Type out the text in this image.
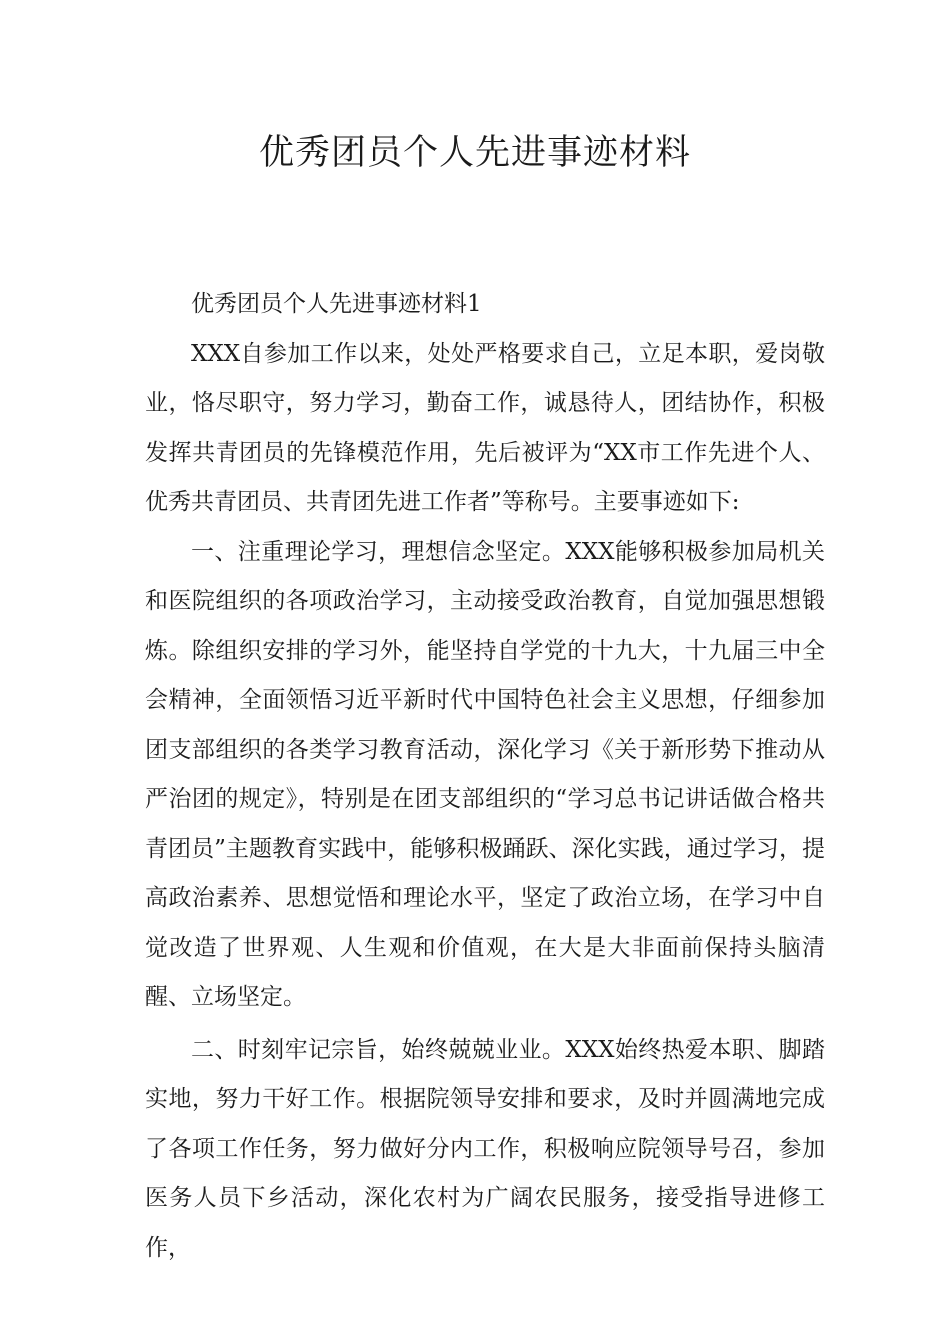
优秀团员个人先进事迹材料

优秀团员个人先进事迹材料1

XXX自参加工作以来，处处严格要求自己，立足本职，爱岗敬业，恪尽职守，努力学习，勤奋工作，诚恳待人，团结协作，积极发挥共青团员的先锋模范作用，先后被评为“XX市工作先进个人、优秀共青团员、共青团先进工作者”等称号。主要事迹如下:

一、注重理论学习，理想信念坚定。XXX能够积极参加局机关和医院组织的各项政治学习，主动接受政治教育，自觉加强思想锻炼。除组织安排的学习外，能坚持自学党的十九大，十九届三中全会精神，全面领悟习近平新时代中国特色社会主义思想，仔细参加团支部组织的各类学习教育活动，深化学习《关于新形势下推动从严治团的规定》，特别是在团支部组织的“学习总书记讲话做合格共青团员”主题教育实践中，能够积极踊跃、深化实践，通过学习，提高政治素养、思想觉悟和理论水平，坚定了政治立场，在学习中自觉改造了世界观、人生观和价值观，在大是大非面前保持头脑清醒、立场坚定。

二、时刻牢记宗旨，始终兢兢业业。XXX始终热爱本职、脚踏实地，努力干好工作。根据院领导安排和要求，及时并圆满地完成了各项工作任务，努力做好分内工作，积极响应院领导号召，参加医务人员下乡活动，深化农村为广阔农民服务，接受指导进修工作，
